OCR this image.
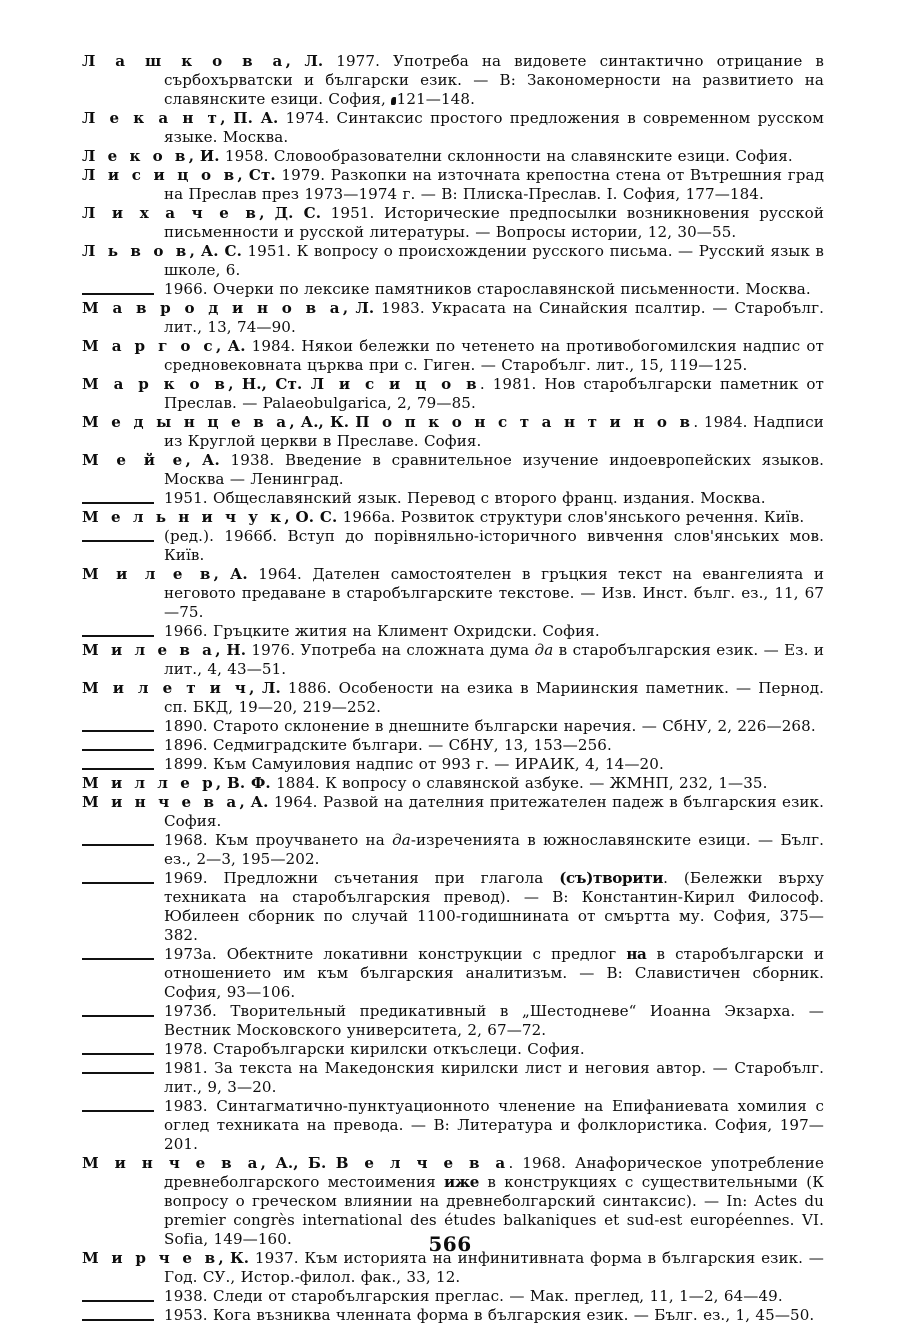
Л а ш к о в а, Л. 1977. Употреба на видовете синтактично отрицание в сърбохърватски и български език. — В: Закономерности на развитието на славянските езици. София, 121—148.
Л е к а н т, П. А. 1974. Синтаксис простого предложения в современном русском языке. Москва.
Л е к о в, И. 1958. Словообразователни склонности на славянските езици. София.
Л и с и ц о в, Ст. 1979. Разкопки на източната крепостна стена от Вътрешния град на Преслав през 1973—1974 г. — В: Плиска-Преслав. I. София, 177—184.
Л и х а ч е в, Д. С. 1951. Исторические предпосылки возникновения русской письменности и русской литературы. — Вопросы истории, 12, 30—55.
Л ь в о в, А. С. 1951. К вопросу о происхождении русского письма. — Русский язык в школе, 6.
1966. Очерки по лексике памятников старославянской письменности. Москва.
М а в р о д и н о в а, Л. 1983. Украсата на Синайския псалтир. — Старобълг. лит., 13, 74—90.
М а р г о с, А. 1984. Някои бележки по четенето на противобогомилския надпис от средновековната църква при с. Гиген. — Старобълг. лит., 15, 119—125.
М а р к о в, Н., Ст. Л и с и ц о в. 1981. Нов старобългарски паметник от Преслав. — Palaeobulgarica, 2, 79—85.
М е д ы н ц е в а, А., К. П о п к о н с т а н т и н о в. 1984. Надписи из Круглой церкви в Преславе. София.
М е й е, А. 1938. Введение в сравнительное изучение индоевропейских языков. Москва — Ленинград.
1951. Общеславянский язык. Перевод с второго франц. издания. Москва.
М е л ь н и ч у к, О. С. 1966а. Розвиток структури слов'янського речення. Київ.
(ред.). 1966б. Вступ до порівняльно-історичного вивчення слов'янських мов. Київ.
М и л е в, А. 1964. Дателен самостоятелен в гръцкия текст на евангелията и неговото предаване в старобългарските текстове. — Изв. Инст. бълг. ез., 11, 67—75.
1966. Гръцките жития на Климент Охридски. София.
М и л е в а, Н. 1976. Употреба на сложната дума да в старобългарския език. — Ез. и лит., 4, 43—51.
М и л е т и ч, Л. 1886. Особености на езика в Мариинския паметник. — Пернод. сп. БКД, 19—20, 219—252.
1890. Старото склонение в днешните български наречия. — СбНУ, 2, 226—268.
1896. Седмиградските българи. — СбНУ, 13, 153—256.
1899. Към Самуиловия надпис от 993 г. — ИРАИК, 4, 14—20.
М и л л е р, В. Ф. 1884. К вопросу о славянской азбуке. — ЖМНП, 232, 1—35.
М и н ч е в а, А. 1964. Развой на дателния притежателен падеж в българския език. София.
1968. Към проучването на да-изреченията в южнославянските езици. — Бълг. ез., 2—3, 195—202.
1969. Предложни съчетания при глагола (съ)творити. (Бележки върху техниката на старобългарския превод). — В: Константин-Кирил Философ. Юбилеен сборник по случай 1100-годишнината от смъртта му. София, 375—382.
1973а. Обектните локативни конструкции с предлог на в старобългарски и отношението им към българския аналитизъм. — В: Славистичен сборник. София, 93—106.
1973б. Творительный предикативный в „Шестодневе“ Иоанна Экзарха. — Вестник Московского университета, 2, 67—72.
1978. Старобългарски кирилски откъслеци. София.
1981. За текста на Македонския кирилски лист и неговия автор. — Старобълг. лит., 9, 3—20.
1983. Синтагматично-пунктуационното членение на Епифаниевата хомилия с оглед техниката на превода. — В: Литература и фолклористика. София, 197—201.
М и н ч е в а, А., Б. В е л ч е в а. 1968. Анафорическое употребление древнеболгарского местоимения иже в конструкциях с существительными (К вопросу о греческом влиянии на древнеболгарский синтаксис). — In: Actes du premier congrès international des études balkaniques et sud-est européennes. VI. Sofia, 149—160.
М и р ч е в, К. 1937. Към историята на инфинитивната форма в българския език. — Год. СУ., Истор.-филол. фак., 33, 12.
1938. Следи от старобългарския преглас. — Мак. преглед, 11, 1—2, 64—49.
1953. Кога възниква членната форма в българския език. — Бълг. ез., 1, 45—50.
566
